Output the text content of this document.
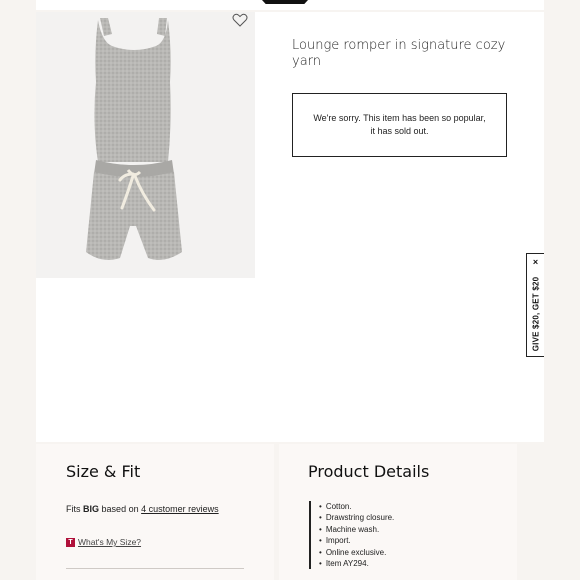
Lounge romper in signature cozy yarn
We're sorry. This item has been so popular, it has sold out.
×
GIVE $20, GET $20
Size & Fit
Fits BIG based on 4 customer reviews
T What's My Size?
Product Details
• Cotton.
• Drawstring closure.
• Machine wash.
• Import.
• Online exclusive.
• Item AY294.
